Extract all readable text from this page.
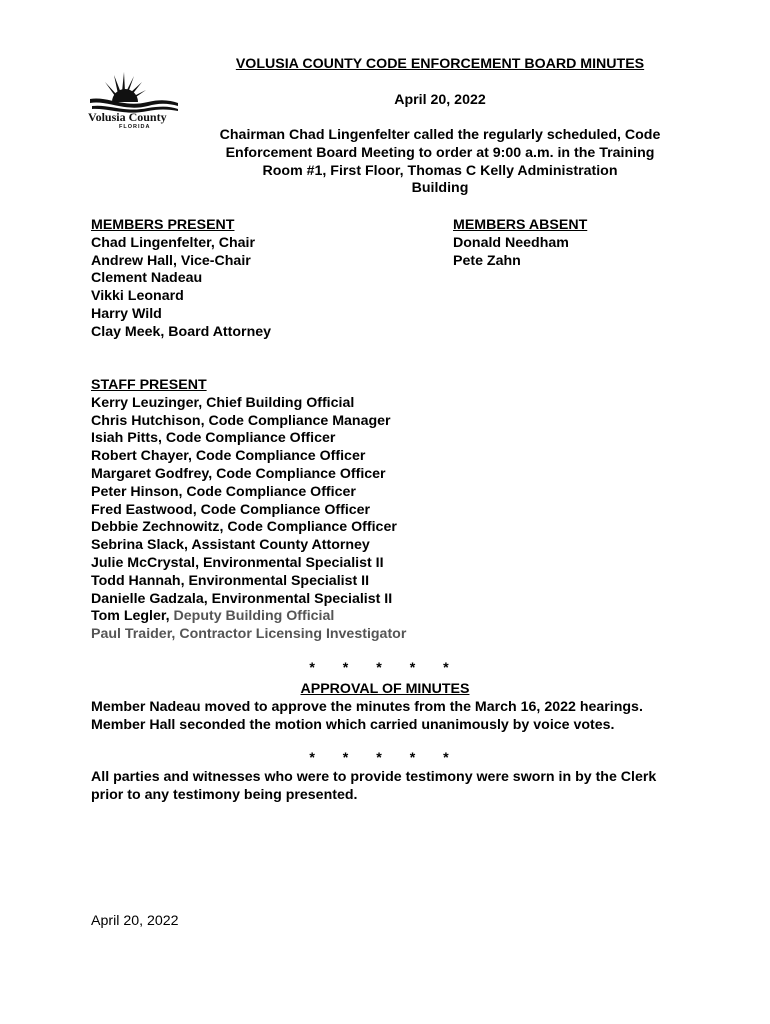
Volusia County
FLORIDA
VOLUSIA COUNTY CODE ENFORCEMENT BOARD MINUTES
April 20, 2022
Chairman Chad Lingenfelter called the regularly scheduled, Code
Enforcement Board Meeting to order at 9:00 a.m. in the Training
Room #1, First Floor, Thomas C Kelly Administration
Building
MEMBERS PRESENT
Chad Lingenfelter, Chair
Andrew Hall, Vice-Chair
Clement Nadeau
Vikki Leonard
Harry Wild
Clay Meek, Board Attorney
MEMBERS ABSENT
Donald Needham
Pete Zahn
STAFF PRESENT
Kerry Leuzinger, Chief Building Official
Chris Hutchison, Code Compliance Manager
Isiah Pitts, Code Compliance Officer
Robert Chayer, Code Compliance Officer
Margaret Godfrey, Code Compliance Officer
Peter Hinson, Code Compliance Officer
Fred Eastwood, Code Compliance Officer
Debbie Zechnowitz, Code Compliance Officer
Sebrina Slack, Assistant County Attorney
Julie McCrystal, Environmental Specialist II
Todd Hannah, Environmental Specialist II
Danielle Gadzala, Environmental Specialist II
Tom Legler, Deputy Building Official
Paul Traider, Contractor Licensing Investigator
* * * * *
APPROVAL OF MINUTES
Member Nadeau moved to approve the minutes from the March 16, 2022 hearings.
Member Hall seconded the motion which carried unanimously by voice votes.
* * * * *
All parties and witnesses who were to provide testimony were sworn in by the Clerk
prior to any testimony being presented.
April 20, 2022
